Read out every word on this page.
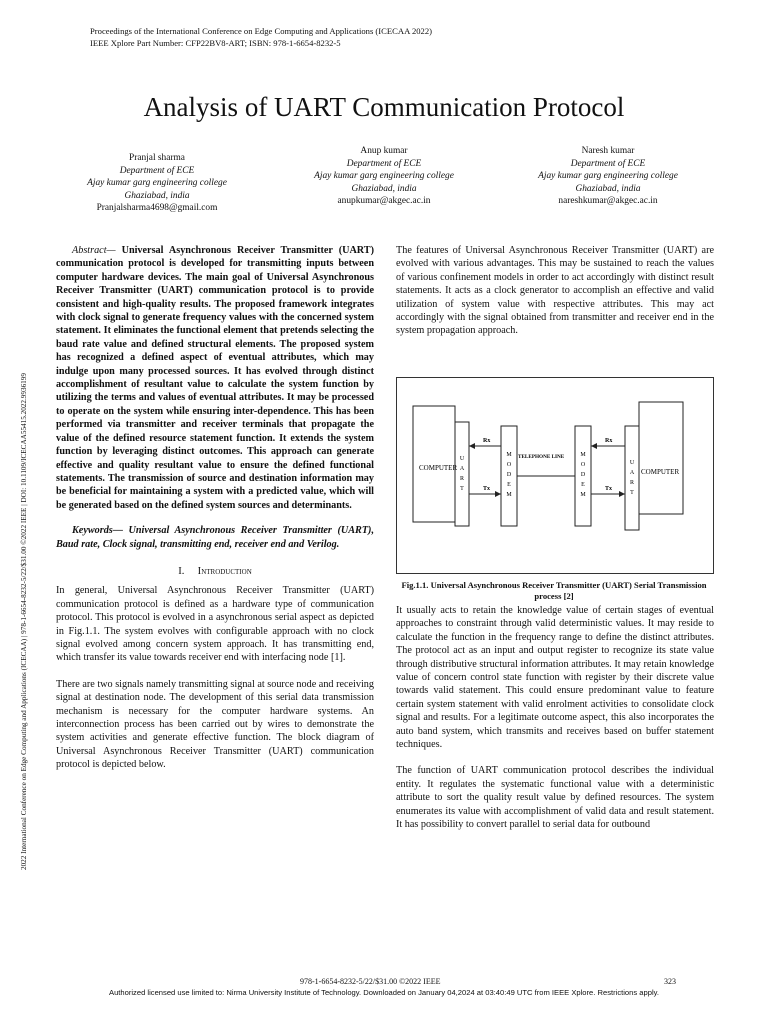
Proceedings of the International Conference on Edge Computing and Applications (ICECAA 2022)
IEEE Xplore Part Number: CFP22BV8-ART; ISBN: 978-1-6654-8232-5
2022 International Conference on Edge Computing and Applications (ICECAA) | 978-1-6654-8232-5/22/$31.00 ©2022 IEEE | DOI: 10.1109/ICECAA55415.2022.9936199
Analysis of UART Communication Protocol
Pranjal sharma
Department of ECE
Ajay kumar garg engineering college
Ghaziabad, india
Pranjalsharma4698@gmail.com
Anup kumar
Department of ECE
Ajay kumar garg engineering college
Ghaziabad, india
anupkumar@akgec.ac.in
Naresh kumar
Department of ECE
Ajay kumar garg engineering college
Ghaziabad, india
nareshkumar@akgec.ac.in

Abstract— Universal Asynchronous Receiver Transmitter (UART) communication protocol is developed for transmitting inputs between computer hardware devices. The main goal of Universal Asynchronous Receiver Transmitter (UART) communication protocol is to provide consistent and high-quality results. The proposed framework integrates with clock signal to generate frequency values with the concerned system statement. It eliminates the functional element that pretends selecting the baud rate value and defined structural elements. The proposed system has recognized a defined aspect of eventual attributes, which may indulge upon many processed sources. It has evolved through distinct accomplishment of resultant value to calculate the system function by utilizing the terms and values of eventual attributes. It may be processed to operate on the system while ensuring inter-dependence. This has been performed via transmitter and receiver terminals that propagate the value of the defined resource statement function. It extends the system function by leveraging distinct outcomes. This approach can generate effective and quality resultant value to ensure the defined functional statements. The transmission of source and destination information may be beneficial for maintaining a system with a predicted value, which will be generated based on the defined system sources and determinants.

Keywords— Universal Asynchronous Receiver Transmitter (UART), Baud rate, Clock signal, transmitting end, receiver end and Verilog.

I. Introduction

In general, Universal Asynchronous Receiver Transmitter (UART) communication protocol is defined as a hardware type of communication protocol. This protocol is evolved in a asynchronous serial aspect as depicted in Fig.1.1. The system evolves with configurable approach with no clock signal evolved among concern system approach. It has transmitting end, which transfer its value towards receiver end with interfacing node [1].

There are two signals namely transmitting signal at source node and receiving signal at destination node. The development of this serial data transmission mechanism is necessary for the computer hardware systems. An interconnection process has been carried out by wires to demonstrate the system activities and generate effective function. The block diagram of Universal Asynchronous Receiver Transmitter (UART) communication protocol is depicted below.

The features of Universal Asynchronous Receiver Transmitter (UART) are evolved with various advantages. This may be sustained to reach the values of various confinement models in order to act accordingly with distinct result statements. It acts as a clock generator to accomplish an effective and valid utilization of system value with respective attributes. This may act accordingly with the signal obtained from transmitter and receiver end in the system propagation approach.

COMPUTER
U
A
R
T
M
O
D
E
M
Rx
Tx
TELEPHONE LINE	M
O
D
E
M
Rx
Tx
U
A
R
T
COMPUTER
Fig.1.1. Universal Asynchronous Receiver Transmitter (UART) Serial Transmission process [2]

It usually acts to retain the knowledge value of certain stages of eventual approaches to constraint through valid deterministic values. It may reside to calculate the function in the frequency range to define the distinct attributes. The protocol act as an input and output register to recognize its state value through distributive structural information attributes. It may retain knowledge value of concern control state function with register by their discrete value towards valid statement. This could ensure predominant value to feature certain system statement with valid enrolment activities to consolidate clock signal and results. For a legitimate outcome aspect, this also incorporates the auto band system, which transmits and receives based on buffer statement techniques.

The function of UART communication protocol describes the individual entity. It regulates the systematic functional value with a deterministic attribute to sort the quality result value by defined resources. The system enumerates its value with accomplishment of valid data and result statement. It has possibility to convert parallel to serial data for outbound

978-1-6654-8232-5/22/$31.00 ©2022 IEEE	323
Authorized licensed use limited to: Nirma University Institute of Technology. Downloaded on January 04,2024 at 03:40:49 UTC from IEEE Xplore. Restrictions apply.
